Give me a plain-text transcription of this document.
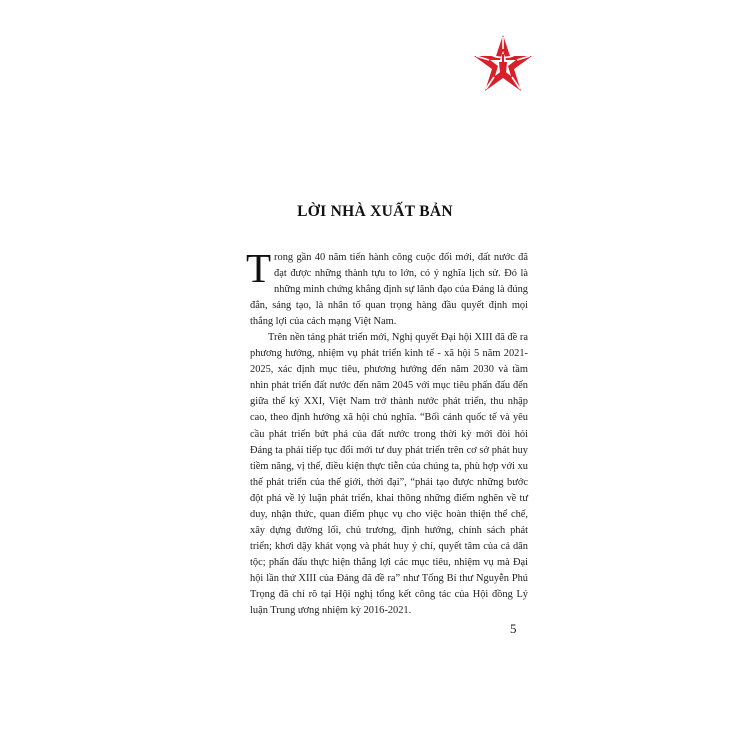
LỜI NHÀ XUẤT BẢN

Trong gần 40 năm tiến hành công cuộc đổi mới, đất nước đã đạt được những thành tựu to lớn, có ý nghĩa lịch sử. Đó là những minh chứng khẳng định sự lãnh đạo của Đảng là đúng đắn, sáng tạo, là nhân tố quan trọng hàng đầu quyết định mọi thắng lợi của cách mạng Việt Nam.

Trên nền tảng phát triển mới, Nghị quyết Đại hội XIII đã đề ra phương hướng, nhiệm vụ phát triển kinh tế - xã hội 5 năm 2021-2025, xác định mục tiêu, phương hướng đến năm 2030 và tầm nhìn phát triển đất nước đến năm 2045 với mục tiêu phấn đấu đến giữa thế kỷ XXI, Việt Nam trở thành nước phát triển, thu nhập cao, theo định hướng xã hội chủ nghĩa. “Bối cảnh quốc tế và yêu cầu phát triển bứt phá của đất nước trong thời kỳ mới đòi hỏi Đảng ta phải tiếp tục đổi mới tư duy phát triển trên cơ sở phát huy tiềm năng, vị thế, điều kiện thực tiễn của chúng ta, phù hợp với xu thế phát triển của thế giới, thời đại”, “phải tạo được những bước đột phá về lý luận phát triển, khai thông những điểm nghẽn về tư duy, nhận thức, quan điểm phục vụ cho việc hoàn thiện thể chế, xây dựng đường lối, chủ trương, định hướng, chính sách phát triển; khơi dậy khát vọng và phát huy ý chí, quyết tâm của cả dân tộc; phấn đấu thực hiện thắng lợi các mục tiêu, nhiệm vụ mà Đại hội lần thứ XIII của Đảng đã đề ra” như Tổng Bí thư Nguyễn Phú Trọng đã chỉ rõ tại Hội nghị tổng kết công tác của Hội đồng Lý luận Trung ương nhiệm kỳ 2016-2021.

5
